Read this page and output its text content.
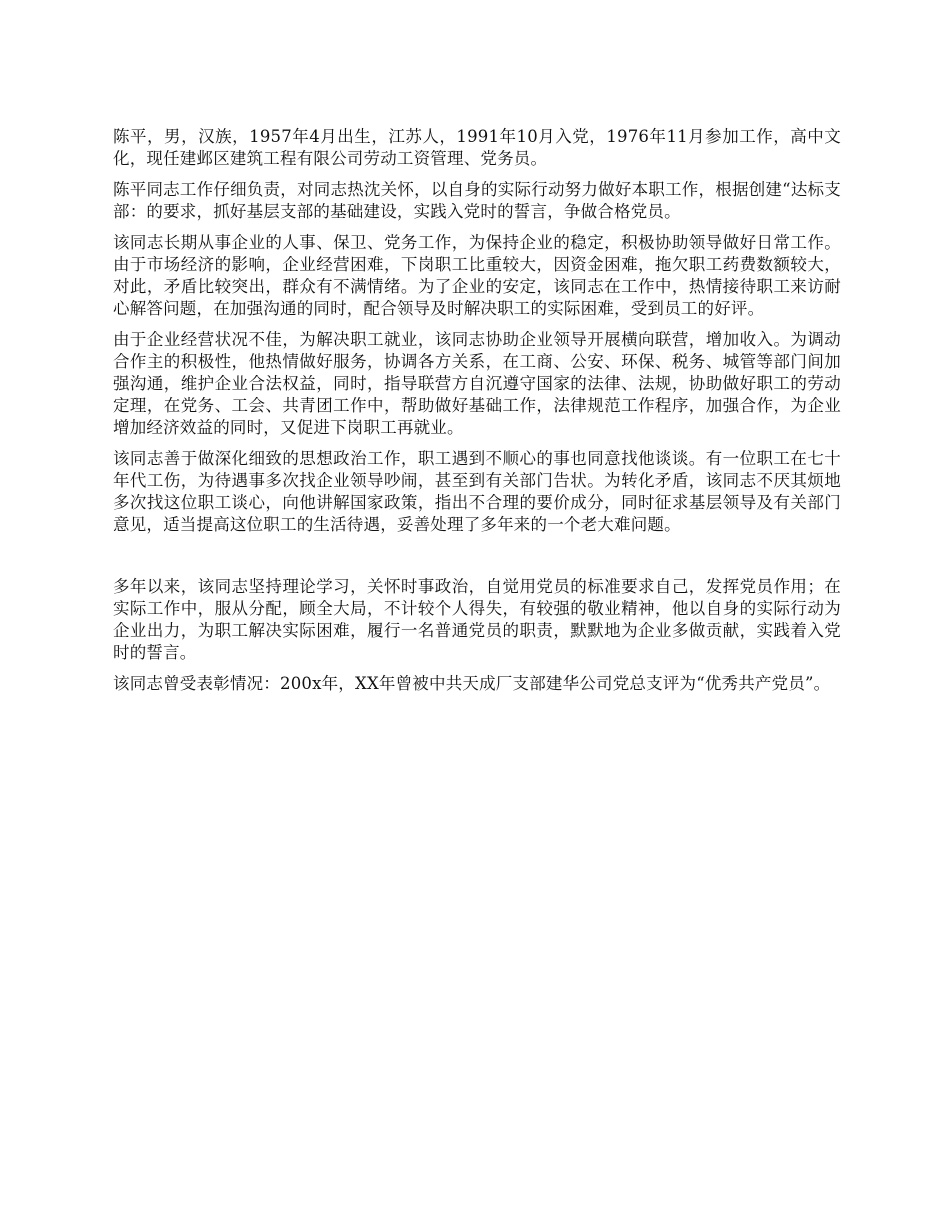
陈平，男，汉族，1957年4月出生，江苏人，1991年10月入党，1976年11月参加工作，高中文化，现任建邺区建筑工程有限公司劳动工资管理、党务员。

陈平同志工作仔细负责，对同志热沈关怀，以自身的实际行动努力做好本职工作，根据创建“达标支部：的要求，抓好基层支部的基础建设，实践入党时的誓言，争做合格党员。

该同志长期从事企业的人事、保卫、党务工作，为保持企业的稳定，积极协助领导做好日常工作。由于市场经济的影响，企业经营困难，下岗职工比重较大，因资金困难，拖欠职工药费数额较大，对此，矛盾比较突出，群众有不满情绪。为了企业的安定，该同志在工作中，热情接待职工来访耐心解答问题，在加强沟通的同时，配合领导及时解决职工的实际困难，受到员工的好评。

由于企业经营状况不佳，为解决职工就业，该同志协助企业领导开展横向联营，增加收入。为调动合作主的积极性，他热情做好服务，协调各方关系，在工商、公安、环保、税务、城管等部门间加强沟通，维护企业合法权益，同时，指导联营方自沉遵守国家的法律、法规，协助做好职工的劳动定理，在党务、工会、共青团工作中，帮助做好基础工作，法律规范工作程序，加强合作，为企业增加经济效益的同时，又促进下岗职工再就业。

该同志善于做深化细致的思想政治工作，职工遇到不顺心的事也同意找他谈谈。有一位职工在七十年代工伤，为待遇事多次找企业领导吵闹，甚至到有关部门告状。为转化矛盾，该同志不厌其烦地多次找这位职工谈心，向他讲解国家政策，指出不合理的要价成分，同时征求基层领导及有关部门意见，适当提高这位职工的生活待遇，妥善处理了多年来的一个老大难问题。

多年以来，该同志坚持理论学习，关怀时事政治，自觉用党员的标准要求自己，发挥党员作用；在实际工作中，服从分配，顾全大局，不计较个人得失，有较强的敬业精神，他以自身的实际行动为企业出力，为职工解决实际困难，履行一名普通党员的职责，默默地为企业多做贡献，实践着入党时的誓言。

该同志曾受表彰情况：200x年，XX年曾被中共天成厂支部建华公司党总支评为“优秀共产党员”。
